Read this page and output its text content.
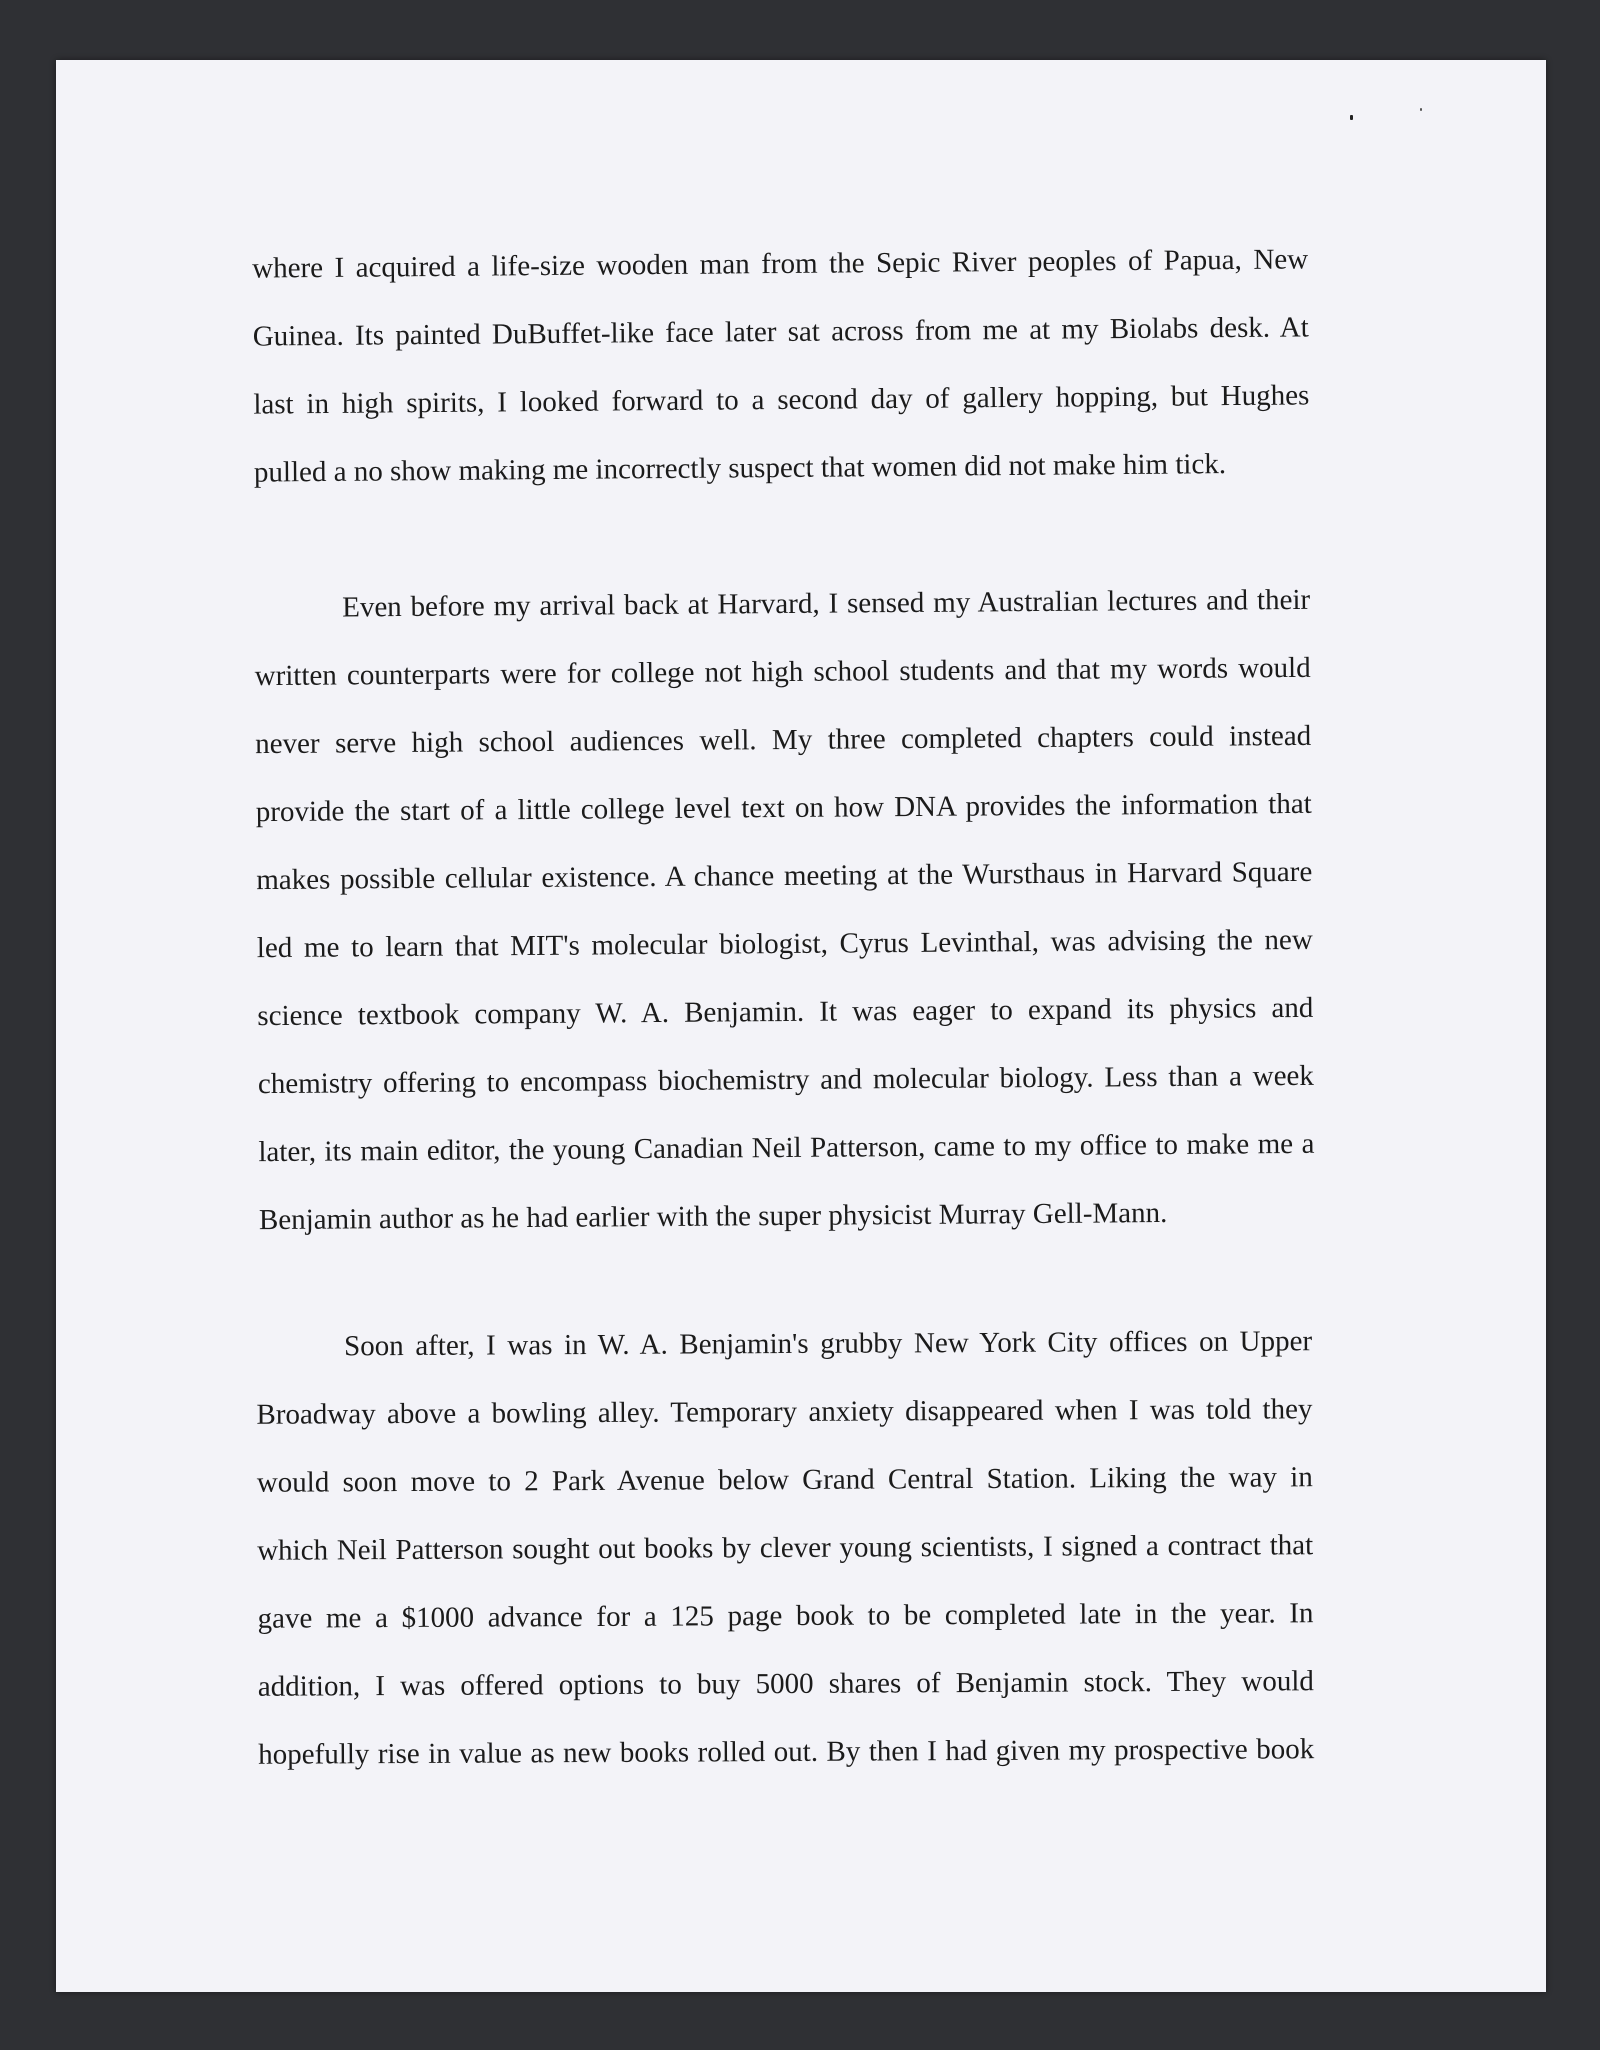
where I acquired a life-size wooden man from the Sepic River peoples of Papua, New
Guinea. Its painted DuBuffet-like face later sat across from me at my Biolabs desk. At
last in high spirits, I looked forward to a second day of gallery hopping, but Hughes
pulled a no show making me incorrectly suspect that women did not make him tick.
Even before my arrival back at Harvard, I sensed my Australian lectures and their
written counterparts were for college not high school students and that my words would
never serve high school audiences well. My three completed chapters could instead
provide the start of a little college level text on how DNA provides the information that
makes possible cellular existence. A chance meeting at the Wursthaus in Harvard Square
led me to learn that MIT's molecular biologist, Cyrus Levinthal, was advising the new
science textbook company W. A. Benjamin. It was eager to expand its physics and
chemistry offering to encompass biochemistry and molecular biology. Less than a week
later, its main editor, the young Canadian Neil Patterson, came to my office to make me a
Benjamin author as he had earlier with the super physicist Murray Gell-Mann.
Soon after, I was in W. A. Benjamin's grubby New York City offices on Upper
Broadway above a bowling alley. Temporary anxiety disappeared when I was told they
would soon move to 2 Park Avenue below Grand Central Station. Liking the way in
which Neil Patterson sought out books by clever young scientists, I signed a contract that
gave me a $1000 advance for a 125 page book to be completed late in the year. In
addition, I was offered options to buy 5000 shares of Benjamin stock. They would
hopefully rise in value as new books rolled out. By then I had given my prospective book
